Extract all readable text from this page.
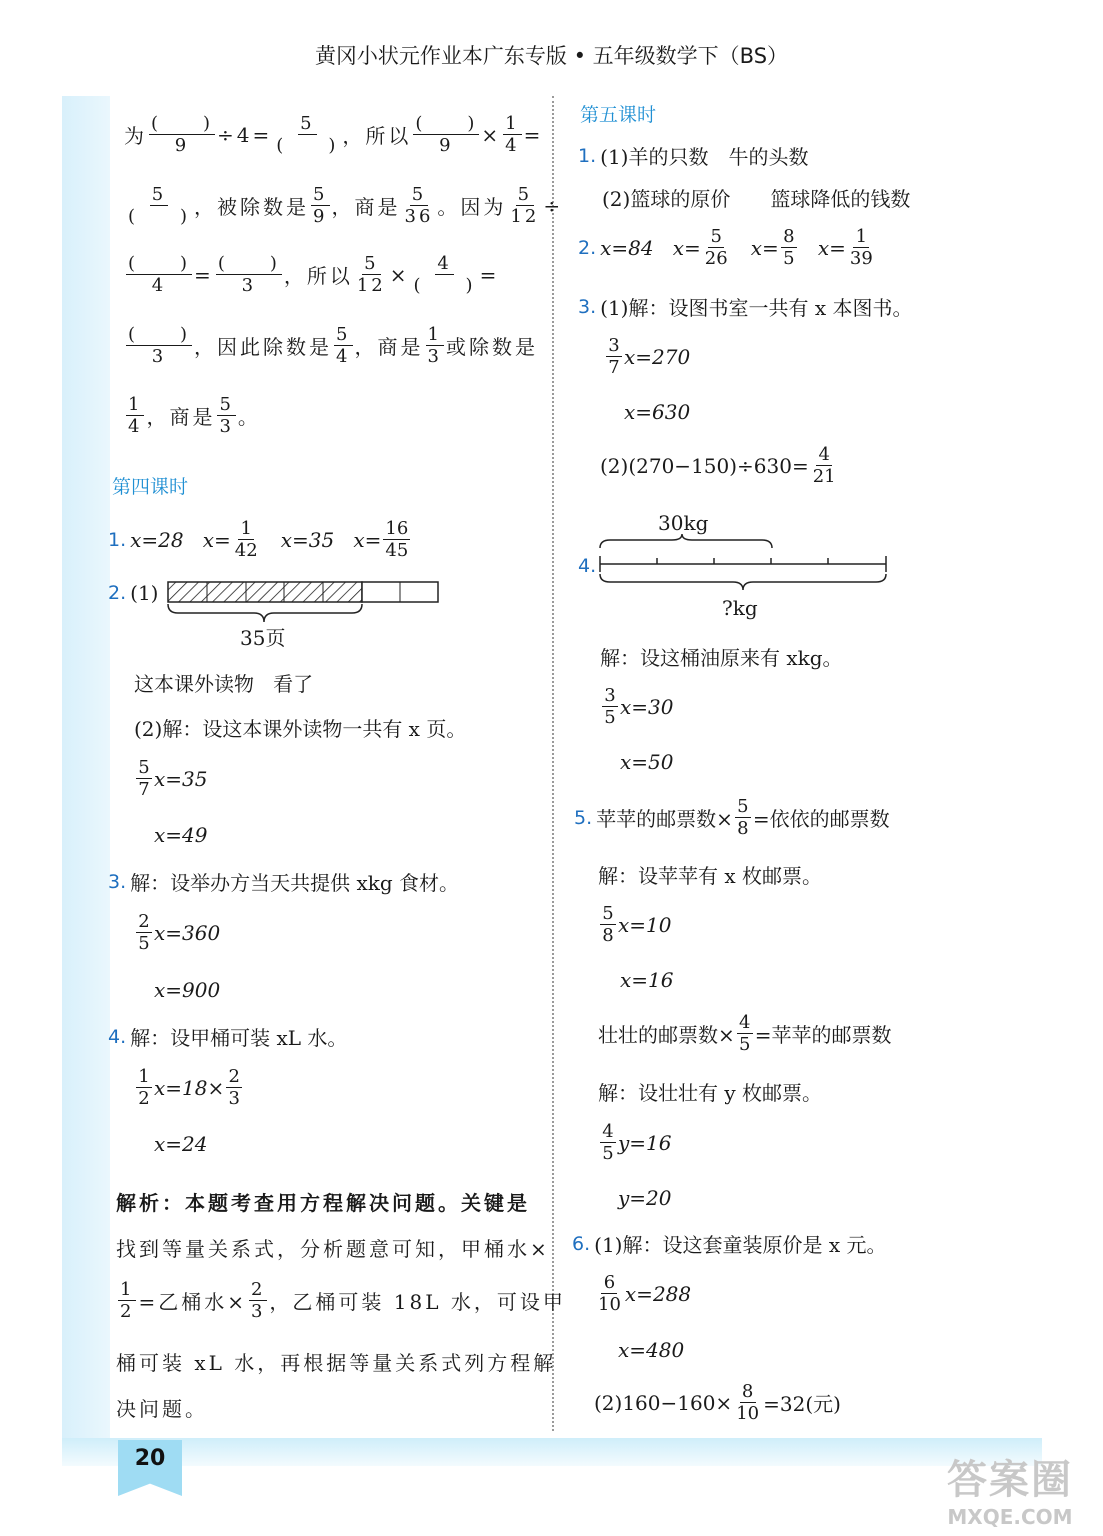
黄冈小状元作业本广东专版 • 五年级数学下（BS）
为 $\frac{( )}{9} \div 4= \frac{5}{( )}$ ，所以 $\frac{( )}{9} \times \frac{1}{4}$ =
$\frac{5}{( )}$ ，被除数是 $\frac{5}{9}$ ，商是 $\frac{5}{36}$ 。因为 $\frac{5}{12}$ ÷
$\frac{( )}{4} = \frac{( )}{3}$ ，所以 $\frac{5}{12} \times \frac{4}{( )}$ =
$\frac{( )}{3}$ ，因此除数是 $\frac{5}{4}$ ，商是 $\frac{1}{3}$ 或除数是
$\frac{1}{4}$ ，商是 $\frac{5}{3}$ 。
第四课时
1. x=28
$x= \frac{1}{42}$
x=35
$x= \frac{16}{45}$
2. (1)
35页
这本课外读物
看了
(2)解：设这本课外读物一共有 x 页。
$\frac{5}{7} x=35$
x=49
3. 解：设举办方当天共提供 xkg 食材。
$\frac{2}{5} x=360$
x=900
4. 解：设甲桶可装 xL 水。
$\frac{1}{2} x=18\times \frac{2}{3}$
x=24
解析：本题考查用方程解决问题。关键是
找到等量关系式，分析题意可知，甲桶水×
$\frac{1}{2}$ =乙桶水× $\frac{2}{3}$ ，乙桶可装 18L 水，可设甲
桶可装 xL 水，再根据等量关系式列方程解
决问题。
第五课时
1. (1)羊的只数　牛的头数
(2)篮球的原价　　篮球降低的钱数
2. x=84
$x= \frac{5}{26}$
$x= \frac{8}{5}$
$x= \frac{1}{39}$
3. (1)解：设图书室一共有 x 本图书。
$\frac{3}{7} x=270$
x=630
$(2)(270-150)\div 630= \frac{4}{21}$
30kg
4.
?kg
解：设这桶油原来有 xkg。
$\frac{3}{5} x=30$
x=50
5. 苹苹的邮票数× $\frac{5}{8}$ =依依的邮票数
解：设苹苹有 x 枚邮票。
$\frac{5}{8} x=10$
x=16
壮壮的邮票数× $\frac{4}{5}$ =苹苹的邮票数
解：设壮壮有 y 枚邮票。
$\frac{4}{5} y=16$
y=20
6. (1)解：设这套童装原价是 x 元。
$\frac{6}{10} x=288$
x=480
$(2)160-160\times \frac{8}{10} =32$(元)
20	答案圈
MXQE.COM
